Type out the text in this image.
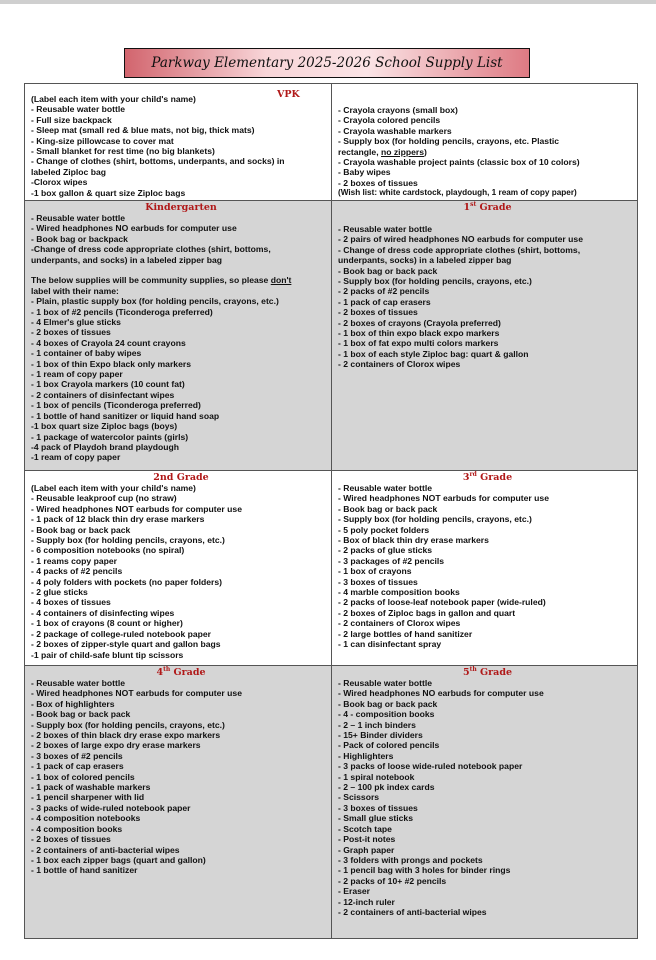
Parkway Elementary 2025-2026 School Supply List
(Label each item with your child's name)
- Reusable water bottle
- Full size backpack
- Sleep mat (small red & blue mats, not big, thick mats)
- King-size pillowcase to cover mat
- Small blanket for rest time (no big blankets)
- Change of clothes (shirt, bottoms, underpants, and socks) in
labeled Ziploc bag
-Clorox wipes
-1 box gallon & quart size Ziploc bags
VPK
- Crayola crayons (small box)
- Crayola colored pencils
- Crayola washable markers
- Supply box (for holding pencils, crayons, etc. Plastic
rectangle, no zippers)
- Crayola washable project paints (classic box of 10 colors)
- Baby wipes
- 2 boxes of tissues
(Wish list: white cardstock, playdough, 1 ream of copy paper)
Kindergarten
- Reusable water bottle
- Wired headphones NO earbuds for computer use
- Book bag or backpack
-Change of dress code appropriate clothes (shirt, bottoms,
underpants, and socks) in a labeled zipper bag
The below supplies will be community supplies, so please don't
label with their name:
- Plain, plastic supply box (for holding pencils, crayons, etc.)
- 1 box of #2 pencils (Ticonderoga preferred)
- 4 Elmer's glue sticks
- 2 boxes of tissues
- 4 boxes of Crayola 24 count crayons
- 1 container of baby wipes
- 1 box of thin Expo black only markers
- 1 ream of copy paper
- 1 box Crayola markers (10 count fat)
- 2 containers of disinfectant wipes
- 1 box of pencils (Ticonderoga preferred)
- 1 bottle of hand sanitizer or liquid hand soap
-1 box quart size Ziploc bags (boys)
- 1 package of watercolor paints (girls)
-4 pack of Playdoh brand playdough
-1 ream of copy paper
1st Grade
- Reusable water bottle
- 2 pairs of wired headphones NO earbuds for computer use
- Change of dress code appropriate clothes (shirt, bottoms,
underpants, socks) in a labeled zipper bag
- Book bag or back pack
- Supply box (for holding pencils, crayons, etc.)
- 2 packs of #2 pencils
- 1 pack of cap erasers
- 2 boxes of tissues
- 2 boxes of crayons (Crayola preferred)
- 1 box of thin expo black expo markers
- 1 box of fat expo multi colors markers
- 1 box of each style Ziploc bag: quart & gallon
- 2 containers of Clorox wipes
2nd Grade
(Label each item with your child's name)
- Reusable leakproof cup (no straw)
- Wired headphones NOT earbuds for computer use
- 1 pack of 12 black thin dry erase markers
- Book bag or back pack
- Supply box (for holding pencils, crayons, etc.)
- 6 composition notebooks (no spiral)
- 1 reams copy paper
- 4 packs of #2 pencils
- 4 poly folders with pockets (no paper folders)
- 2 glue sticks
- 4 boxes of tissues
- 4 containers of disinfecting wipes
- 1 box of crayons (8 count or higher)
- 2 package of college-ruled notebook paper
- 2 boxes of zipper-style quart and gallon bags
-1 pair of child-safe blunt tip scissors
3rd Grade
- Reusable water bottle
- Wired headphones NOT earbuds for computer use
- Book bag or back pack
- Supply box (for holding pencils, crayons, etc.)
- 5 poly pocket folders
- Box of black thin dry erase markers
- 2 packs of glue sticks
- 3 packages of #2 pencils
- 1 box of crayons
- 3 boxes of tissues
- 4 marble composition books
- 2 packs of loose-leaf notebook paper (wide-ruled)
- 2 boxes of Ziploc bags in gallon and quart
- 2 containers of Clorox wipes
- 2 large bottles of hand sanitizer
- 1 can disinfectant spray
4th Grade
- Reusable water bottle
- Wired headphones NOT earbuds for computer use
- Box of highlighters
- Book bag or back pack
- Supply box (for holding pencils, crayons, etc.)
- 2 boxes of thin black dry erase expo markers
- 2 boxes of large expo dry erase markers
- 3 boxes of #2 pencils
- 1 pack of cap erasers
- 1 box of colored pencils
- 1 pack of washable markers
- 1 pencil sharpener with lid
- 3 packs of wide-ruled notebook paper
- 4 composition notebooks
- 4 composition books
- 2 boxes of tissues
- 2 containers of anti-bacterial wipes
- 1 box each zipper bags (quart and gallon)
- 1 bottle of hand sanitizer
5th Grade
- Reusable water bottle
- Wired headphones NO earbuds for computer use
- Book bag or back pack
- 4 - composition books
- 2 – 1 inch binders
- 15+ Binder dividers
- Pack of colored pencils
- Highlighters
- 3 packs of loose wide-ruled notebook paper
- 1 spiral notebook
- 2 – 100 pk index cards
- Scissors
- 3 boxes of tissues
- Small glue sticks
- Scotch tape
- Post-it notes
- Graph paper
- 3 folders with prongs and pockets
- 1 pencil bag with 3 holes for binder rings
- 2 packs of 10+ #2 pencils
- Eraser
- 12-inch ruler
- 2 containers of anti-bacterial wipes
